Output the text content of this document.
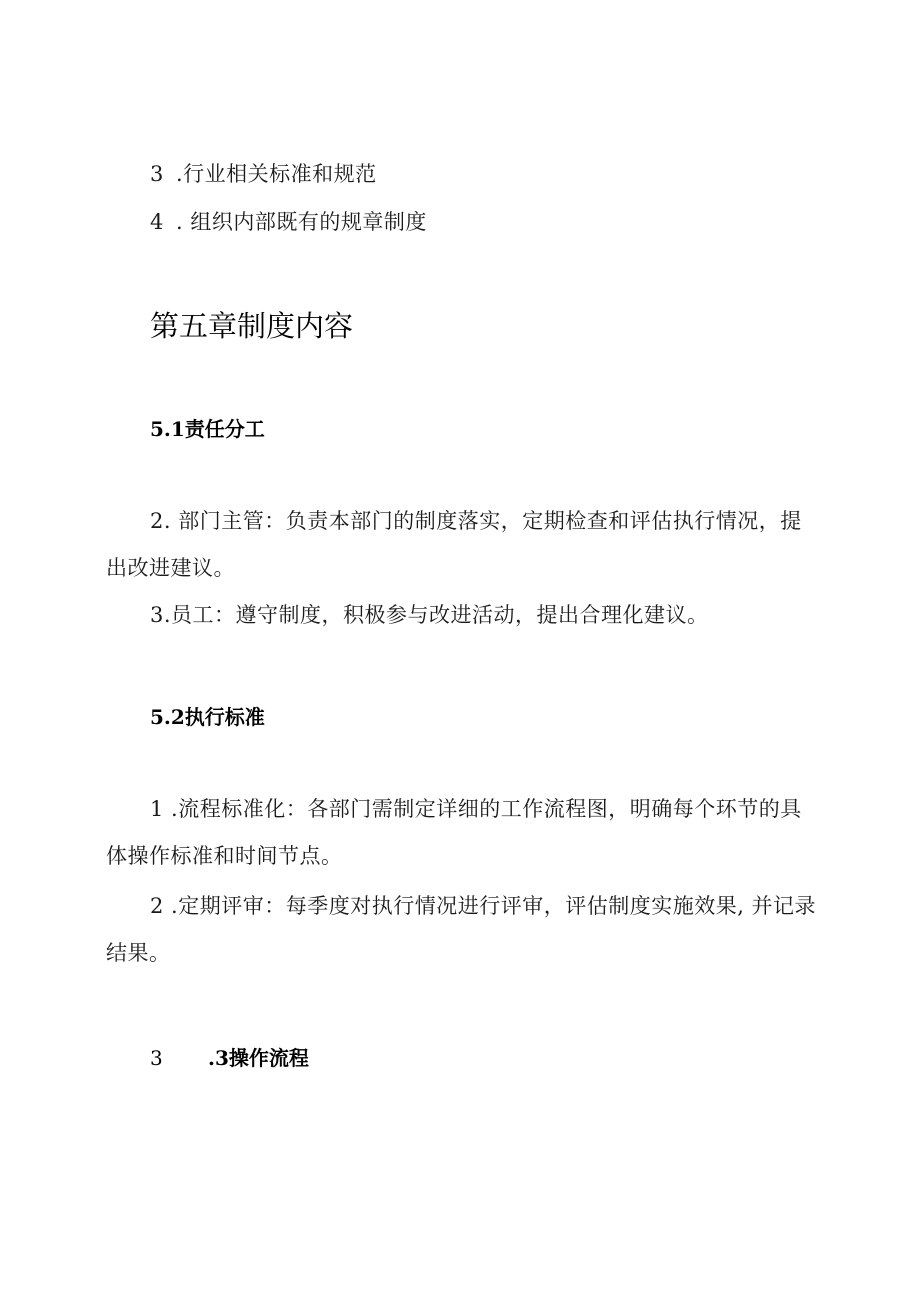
3 .行业相关标准和规范
4 . 组织内部既有的规章制度
第五章制度内容
5.1责任分工
2. 部门主管：负责本部门的制度落实，定期检查和评估执行情况，提出改进建议。
3.员工：遵守制度，积极参与改进活动，提出合理化建议。
5.2执行标准
1 .流程标准化：各部门需制定详细的工作流程图，明确每个环节的具体操作标准和时间节点。
2 .定期评审：每季度对执行情况进行评审，评估制度实施效果, 并记录结果。
3 .3操作流程
